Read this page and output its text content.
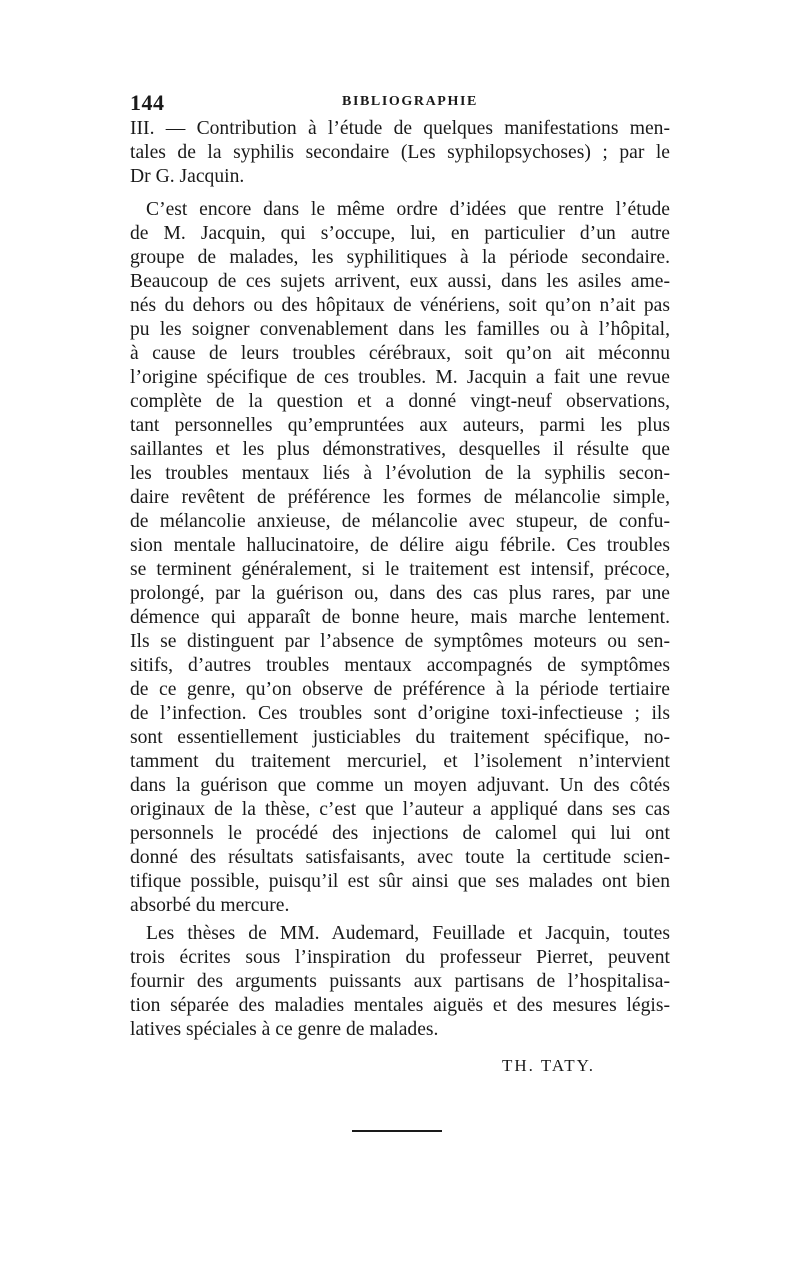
144	BIBLIOGRAPHIE
III. — Contribution à l’étude de quelques manifestations men-
tales de la syphilis secondaire (Les syphilopsychoses) ; par le
Dr G. Jacquin.
C’est encore dans le même ordre d’idées que rentre l’étude
de M. Jacquin, qui s’occupe, lui, en particulier d’un autre
groupe de malades, les syphilitiques à la période secondaire.
Beaucoup de ces sujets arrivent, eux aussi, dans les asiles ame-
nés du dehors ou des hôpitaux de vénériens, soit qu’on n’ait pas
pu les soigner convenablement dans les familles ou à l’hôpital,
à cause de leurs troubles cérébraux, soit qu’on ait méconnu
l’origine spécifique de ces troubles. M. Jacquin a fait une revue
complète de la question et a donné vingt-neuf observations,
tant personnelles qu’empruntées aux auteurs, parmi les plus
saillantes et les plus démonstratives, desquelles il résulte que
les troubles mentaux liés à l’évolution de la syphilis secon-
daire revêtent de préférence les formes de mélancolie simple,
de mélancolie anxieuse, de mélancolie avec stupeur, de confu-
sion mentale hallucinatoire, de délire aigu fébrile. Ces troubles
se terminent généralement, si le traitement est intensif, précoce,
prolongé, par la guérison ou, dans des cas plus rares, par une
démence qui apparaît de bonne heure, mais marche lentement.
Ils se distinguent par l’absence de symptômes moteurs ou sen-
sitifs, d’autres troubles mentaux accompagnés de symptômes
de ce genre, qu’on observe de préférence à la période tertiaire
de l’infection. Ces troubles sont d’origine toxi-infectieuse ; ils
sont essentiellement justiciables du traitement spécifique, no-
tamment du traitement mercuriel, et l’isolement n’intervient
dans la guérison que comme un moyen adjuvant. Un des côtés
originaux de la thèse, c’est que l’auteur a appliqué dans ses cas
personnels le procédé des injections de calomel qui lui ont
donné des résultats satisfaisants, avec toute la certitude scien-
tifique possible, puisqu’il est sûr ainsi que ses malades ont bien
absorbé du mercure.
Les thèses de MM. Audemard, Feuillade et Jacquin, toutes
trois écrites sous l’inspiration du professeur Pierret, peuvent
fournir des arguments puissants aux partisans de l’hospitalisa-
tion séparée des maladies mentales aiguës et des mesures légis-
latives spéciales à ce genre de malades.
TH. TATY.
